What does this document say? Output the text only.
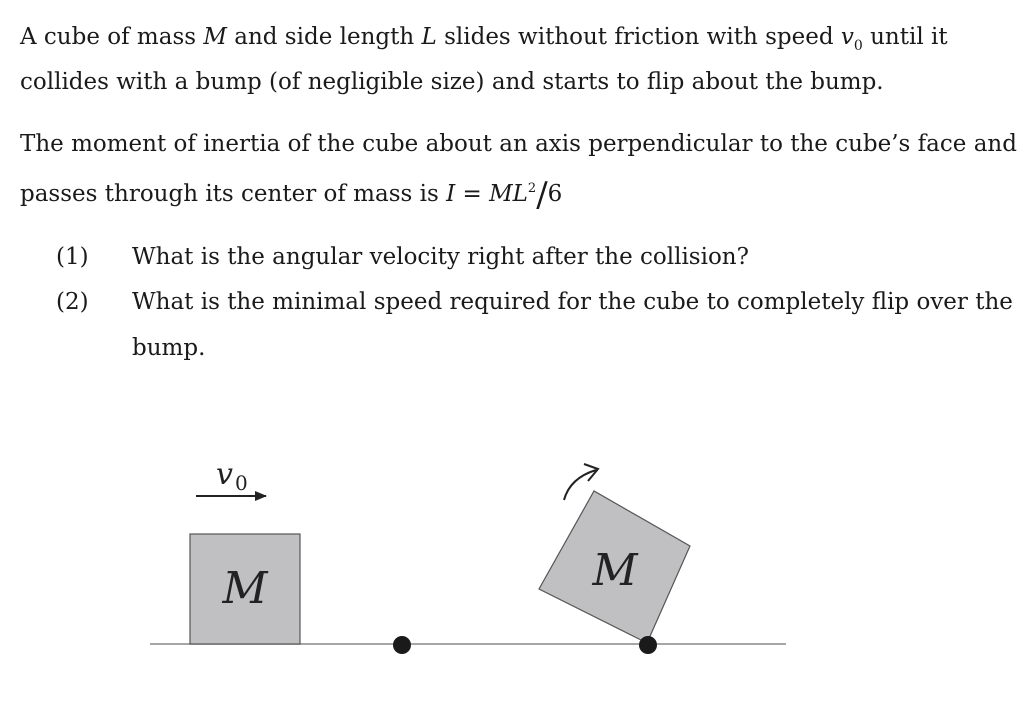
A cube of mass M and side length L slides without friction with speed $v_0$ until it
collides with a bump (of negligible size) and starts to flip about the bump.
The moment of inertia of the cube about an axis perpendicular to the cube’s face and
passes through its center of mass is $I = ML^2/6$
(1) What is the angular velocity right after the collision?
(2) What is the minimal speed required for the cube to completely flip over the
bump.
M
v 0
M
